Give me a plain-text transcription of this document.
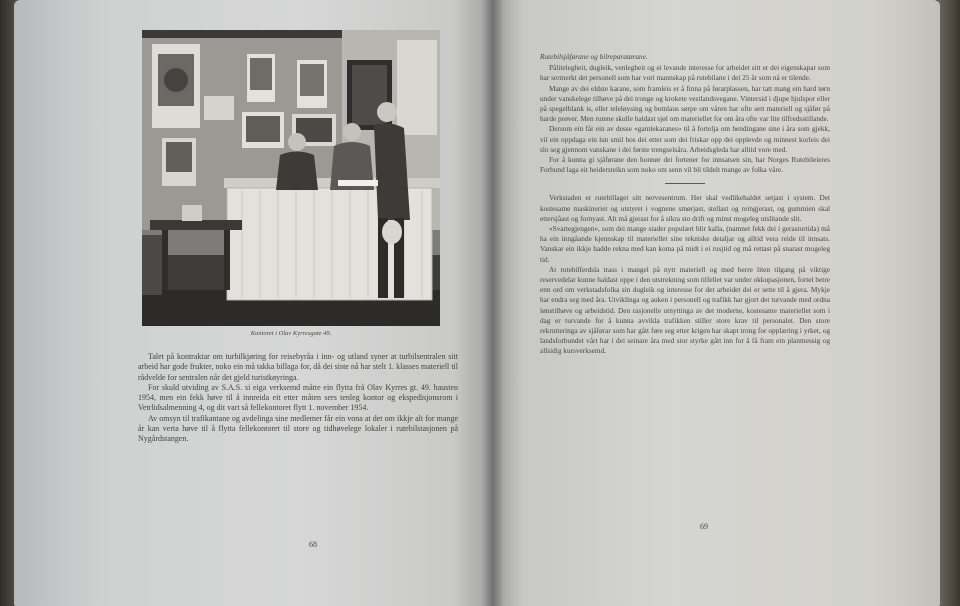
Kontoret i Olav Kyrresgate 49.

Talet på kontraktar om turbilkjøring for reisebyråa i inn- og utland syner at turbilsentralen sitt arbeid har gode frukter, noko ein må takka billaga for, då dei siste nå har stelt 1. klasses materiell til rådvelde for sentralen når det gjeld turistkøyringa.

For skuld utviding av S.A.S. si eiga verksemd måtte ein flytta frå Olav Kyrres gt. 49. hausten 1954, men ein fekk høve til å innreida eit etter måten sers tenleg kontor og ekspedisjonsrom i Vetrlidsalmenning 4, og dit vart så fellekontoret flytt 1. november 1954.

Av omsyn til trafikantane og avdelinga sine medlemer får ein vona at det om ikkje alt for mange år kan verta høve til å flytta fellekontoret til store og tidhøvelege lokaler i rutebilstasjonen på Nygårdstangen.

68

Rutebilsjåførane og bilreparatørane.

Pålitelegheit, dugleik, venlegheit og ei levande interesse for arbeidet sitt er dei eigenskapar som har sermerkt det personell som har vori mannskap på rutebilane i dei 25 år som nå er tilende.

Mange av dei eldste karane, som framleis er å finna på førarplassen, har tatt mang ein hard tørn under vanskelege tilhøve på dei tronge og krokete vestlandsvegane. Vintersid i djupe hjulspor eller på spegelblank is, eller teleløysing og botnlaus sørpe om våren har ofte sett materiell og sjåfør på harde prøver. Men rutene skulle haldast sjøl om materiellet for om åra ofte var lite tilfredsstillande.

Dersom ein får ein av desse «gamlekaranes» til å fortelja om hendingane sine i åra som gjekk, vil ein oppdaga ein lun smil hos dei etter som dei friskar opp dei opplevde og minnest korleis dei slo seg gjennom vanskane i dei første trengselsåra. Arbeidsgleda har alltid vore med.

For å kunna gi sjåførane den honnør dei fortener for innsatsen sin, har Norges Rutebileieres Forbund laga eit heidersteikn som noko om senn vil bli tildelt mange av folka våre.

Verkstaden er rutebillaget sitt nervesentrum. Her skal vedlikehaldet setjast i system. Det kostesame maskineriet og utstyret i vognene smørjast, stellast og reingjerast, og gummien skal ettersjåast og fornyast. Alt må gjerast for å sikra sto drift og minst mogeleg utslitande slit.

«Svartegjengen», som dei mange stader populært blir kalla, (namnet fekk dei i gerastortida) må ha ein inngåande kjennskap til materiellet sine tekniske detaljar og alltid vera reide til innsats. Vanskar ein ikkje hadde rekna med kan koma på midt i ei rusjtid og må rettast på snarast mogeleg tid.

At rutebilferdsla trass i mangel på nytt materiell og med berre liten tilgang på viktige reservedelar kunne haldast oppe i den utstrekning som tilfellet var under okkupasjonen, fortel betre enn ord om verkstadsfolka sin dugleik og interesse for det arbeidet dei er sette til å gjera. Mykje har endra seg med åra. Utviklinga og auken i personell og trafikk har gjort det turvande med ordna lønstilhøve og arbeidstid. Den rasjonelle utnyttinga av det moderne, kostesame materiellet som i dag er turvande for å kunna avvikla trafikken stiller store krav til personalet. Den store rekrutteringa av sjåførar som har gått føre seg etter krigen har skapt trong for opplæring i yrket, og landsforbundet vårt har i dei seinare åra med stor styrke gått inn for å få fram ein planmessig og allsidig kursverksemd.

69
